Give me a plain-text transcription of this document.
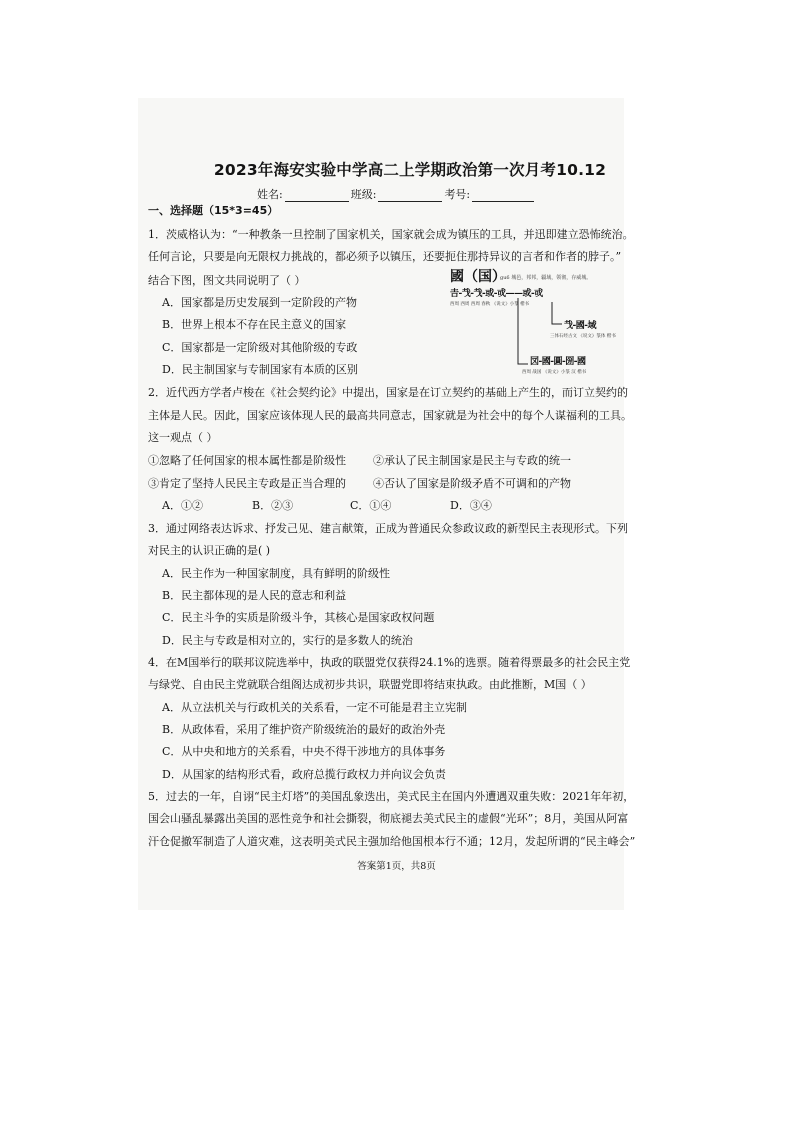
2023年海安实验中学高二上学期政治第一次月考10.12
姓名:	班级:	考号:
一、选择题（15*3=45）
1．茨威格认为：“一种教条一旦控制了国家机关，国家就会成为镇压的工具，并迅即建立恐怖统治。
任何言论，只要是向无限权力挑战的，都必须予以镇压，还要扼住那持异议的言者和作者的脖子。”
结合下图，图文共同说明了（ ）
A．国家都是历史发展到一定阶段的产物
B．世界上根本不存在民主意义的国家
C．国家都是一定阶级对其他阶级的专政
D．民主制国家与专制国家有本质的区别
國（国）
gu6 城邑，邦邦，疆域，领彻，存威城。
𠮷-𢦏-𢦏-或-戓——或-戓
西周 西周 西周 春秋 《说文》小篆 楷书
𢦏-國-域
三体石经古文 《说文》篆体 楷书
㘝-國-圓-圀-國
西周 战国 《说文》小篆 汉 楷书
2．近代西方学者卢梭在《社会契约论》中提出，国家是在订立契约的基础上产生的，而订立契约的
主体是人民。因此，国家应该体现人民的最高共同意志，国家就是为社会中的每个人谋福利的工具。
这一观点（ ）
①忽略了任何国家的根本属性都是阶级性 ②承认了民主制国家是民主与专政的统一
③肯定了坚持人民民主专政是正当合理的 ④否认了国家是阶级矛盾不可调和的产物
A．①②	B．②③	C．①④	D．③④
3．通过网络表达诉求、抒发己见、建言献策，正成为普通民众参政议政的新型民主表现形式。下列
对民主的认识正确的是( )
A．民主作为一种国家制度，具有鲜明的阶级性
B．民主都体现的是人民的意志和利益
C．民主斗争的实质是阶级斗争，其核心是国家政权问题
D．民主与专政是相对立的，实行的是多数人的统治
4．在M国举行的联邦议院选举中，执政的联盟党仅获得24.1%的选票。随着得票最多的社会民主党
与绿党、自由民主党就联合组阁达成初步共识，联盟党即将结束执政。由此推断，M国（ ）
A．从立法机关与行政机关的关系看，一定不可能是君主立宪制
B．从政体看，采用了维护资产阶级统治的最好的政治外壳
C．从中央和地方的关系看，中央不得干涉地方的具体事务
D．从国家的结构形式看，政府总揽行政权力并向议会负责
5．过去的一年，自诩“民主灯塔”的美国乱象迭出，美式民主在国内外遭遇双重失败：2021年年初，
国会山骚乱暴露出美国的恶性竞争和社会撕裂，彻底褪去美式民主的虚假“光环”；8月，美国从阿富
汗仓促撤军制造了人道灾难，这表明美式民主强加给他国根本行不通；12月，发起所谓的“民主峰会”
答案第1页，共8页
